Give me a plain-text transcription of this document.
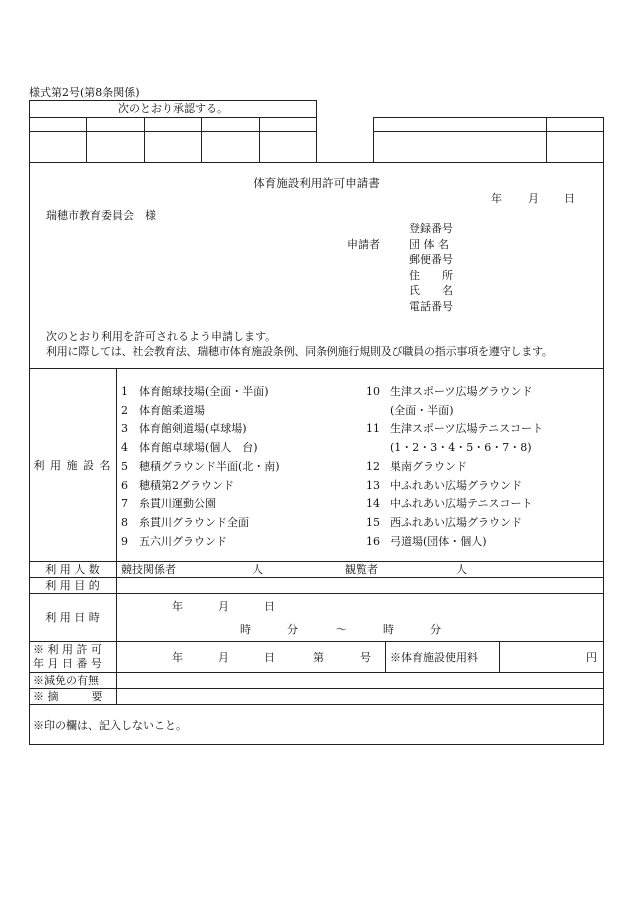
様式第2号(第8条関係)
次のとおり承認する。
体育施設利用許可申請書
年 月 日
瑞穂市教育委員会　様
申請者
登録番号
団 体 名
郵便番号
住　　所
氏　　名
電話番号
次のとおり利用を許可されるよう申請します。
利用に際しては、社会教育法、瑞穂市体育施設条例、同条例施行規則及び職員の指示事項を遵守します。
利 用 施 設 名
1 体育館球技場(全面・半面)
2 体育館柔道場
3 体育館剣道場(卓球場)
4 体育館卓球場(個人　台)
5 穂積グラウンド半面(北・南)
6 穂積第2グラウンド
7 糸貫川運動公園
8 糸貫川グラウンド全面
9 五六川グラウンド
10 生津スポーツ広場グラウンド
(全面・半面)
11 生津スポーツ広場テニスコート
(1・2・3・4・5・6・7・8)
12 巣南グラウンド
13 中ふれあい広場グラウンド
14 中ふれあい広場テニスコート
15 西ふれあい広場グラウンド
16 弓道場(団体・個人)
利 用 人 数	競技関係者	人	観覧者	人
利 用 目 的
利 用 日 時
年	月	日
時	分	〜	時	分
※ 利 用 許 可
年 月 日 番 号	年	月	日	第	号 ※体育施設使用料	円
※減免の有無
※ 摘　　　要
※印の欄は、記入しないこと。
